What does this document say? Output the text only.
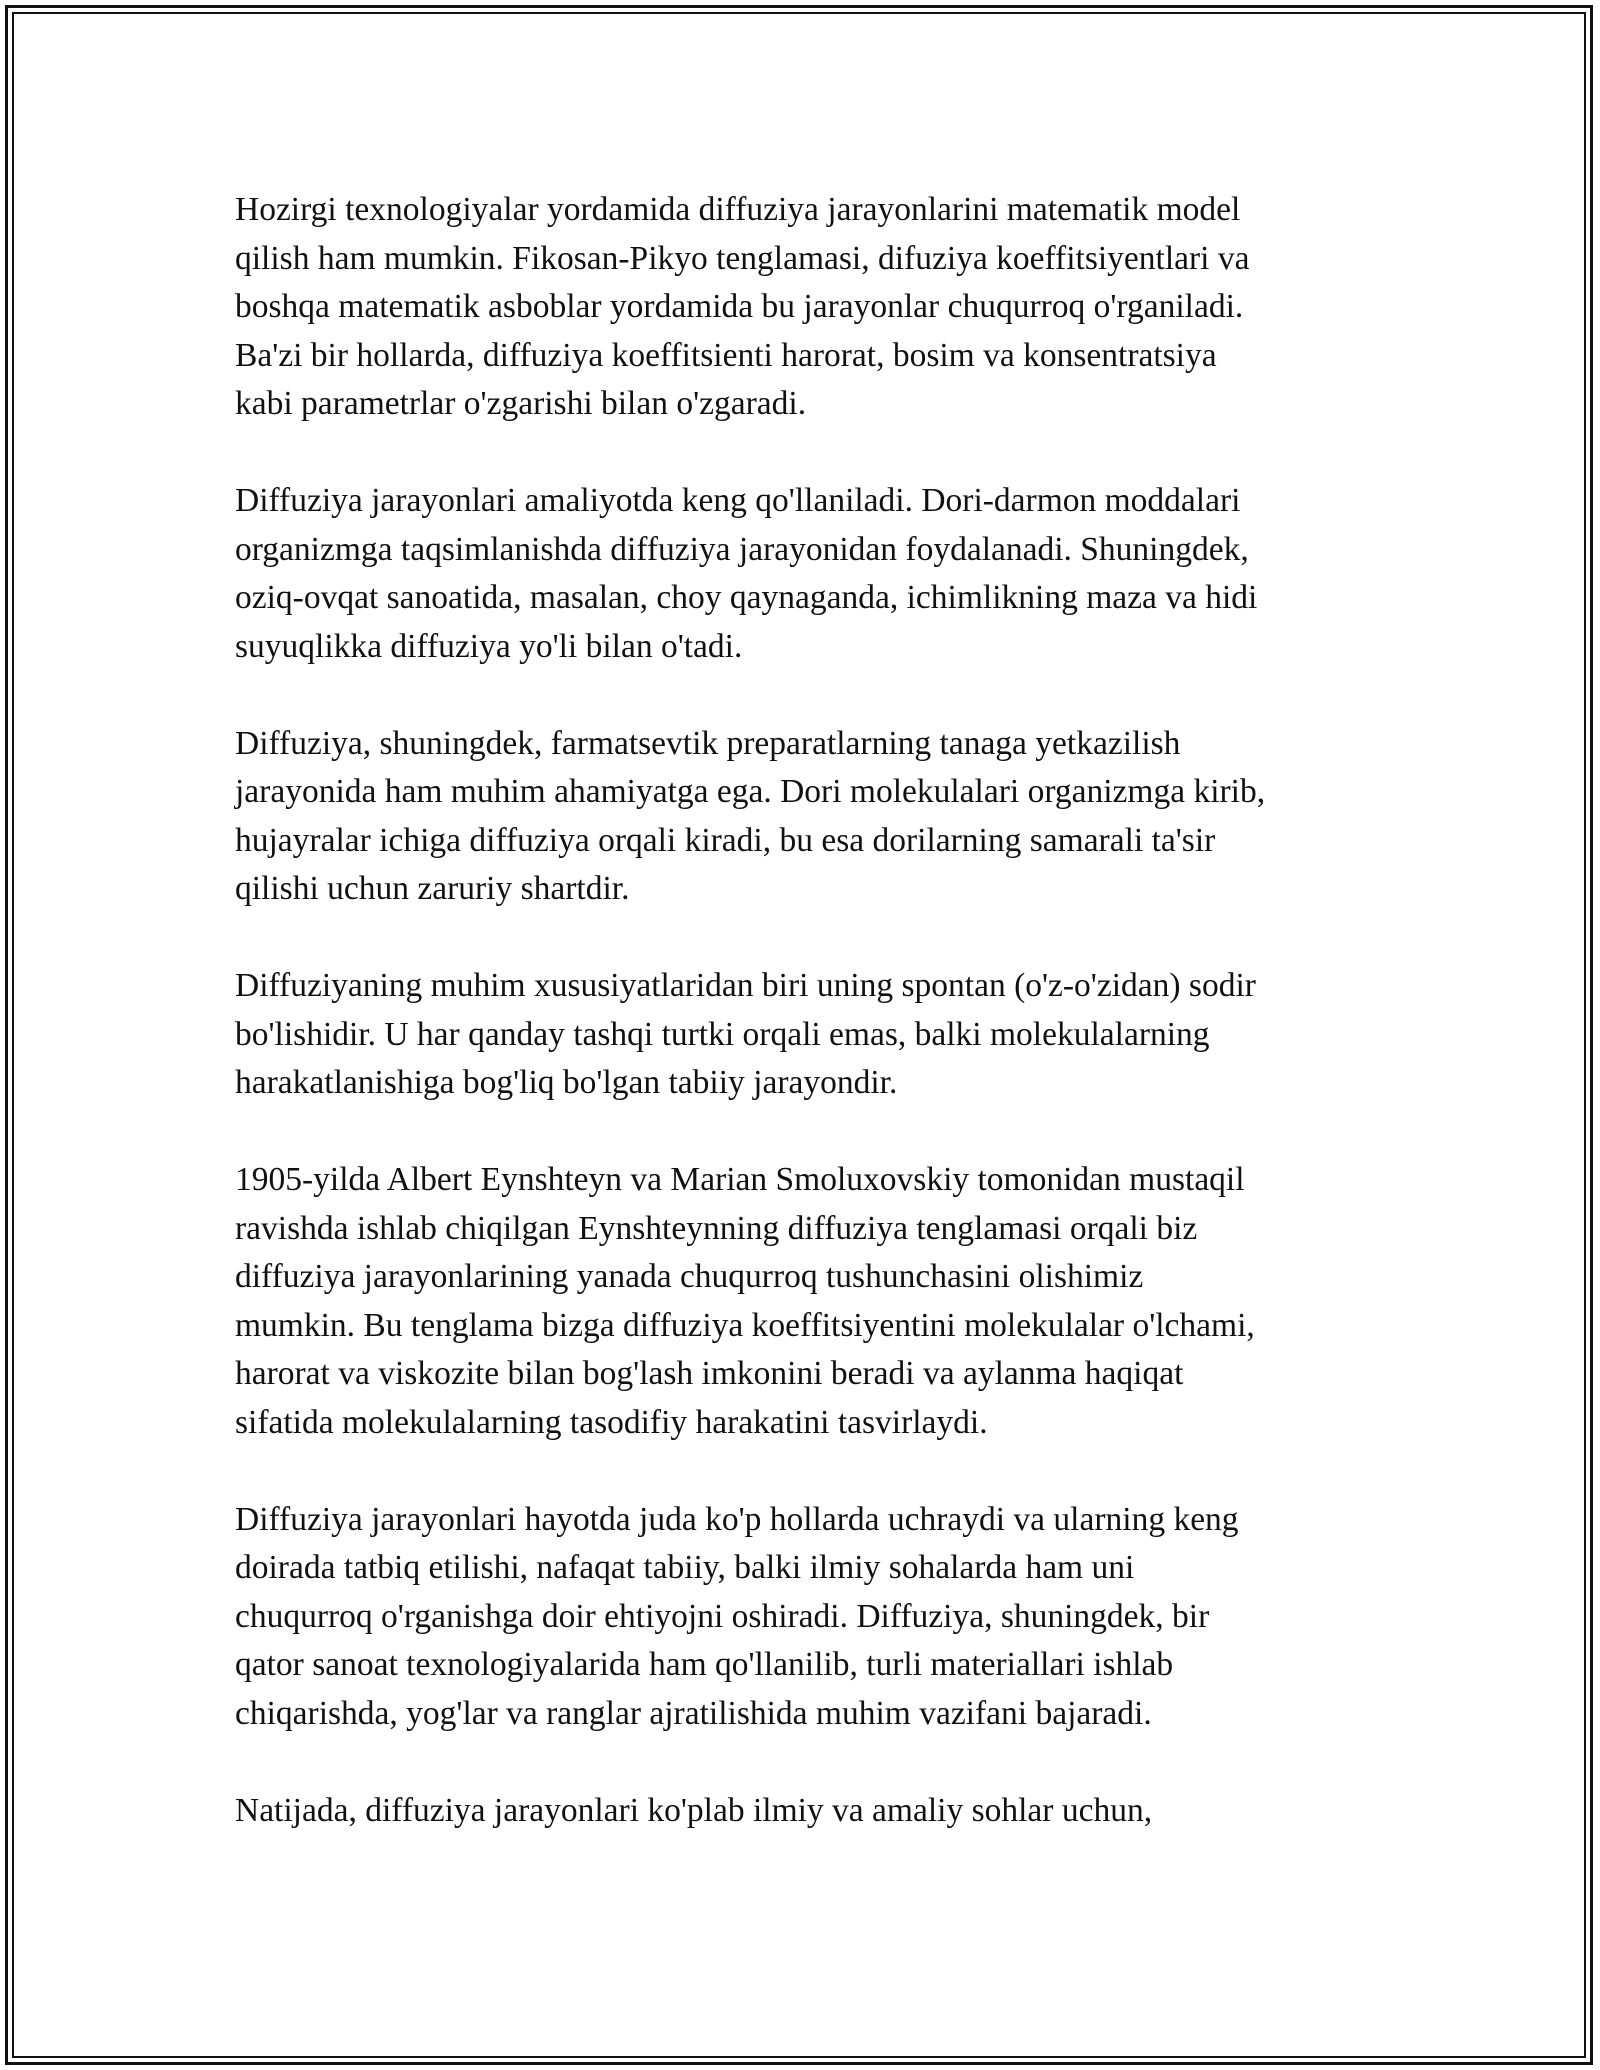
Hozirgi texnologiyalar yordamida diffuziya jarayonlarini matematik model
qilish ham mumkin. Fikosan-Pikyo tenglamasi, difuziya koeffitsiyentlari va
boshqa matematik asboblar yordamida bu jarayonlar chuqurroq o'rganiladi.
Ba'zi bir hollarda, diffuziya koeffitsienti harorat, bosim va konsentratsiya
kabi parametrlar o'zgarishi bilan o'zgaradi.

Diffuziya jarayonlari amaliyotda keng qo'llaniladi. Dori-darmon moddalari
organizmga taqsimlanishda diffuziya jarayonidan foydalanadi. Shuningdek,
oziq-ovqat sanoatida, masalan, choy qaynaganda, ichimlikning maza va hidi
suyuqlikka diffuziya yo'li bilan o'tadi.

Diffuziya, shuningdek, farmatsevtik preparatlarning tanaga yetkazilish
jarayonida ham muhim ahamiyatga ega. Dori molekulalari organizmga kirib,
hujayralar ichiga diffuziya orqali kiradi, bu esa dorilarning samarali ta'sir
qilishi uchun zaruriy shartdir.

Diffuziyaning muhim xususiyatlaridan biri uning spontan (o'z-o'zidan) sodir
bo'lishidir. U har qanday tashqi turtki orqali emas, balki molekulalarning
harakatlanishiga bog'liq bo'lgan tabiiy jarayondir.

1905-yilda Albert Eynshteyn va Marian Smoluxovskiy tomonidan mustaqil
ravishda ishlab chiqilgan Eynshteynning diffuziya tenglamasi orqali biz
diffuziya jarayonlarining yanada chuqurroq tushunchasini olishimiz
mumkin. Bu tenglama bizga diffuziya koeffitsiyentini molekulalar o'lchami,
harorat va viskozite bilan bog'lash imkonini beradi va aylanma haqiqat
sifatida molekulalarning tasodifiy harakatini tasvirlaydi.

Diffuziya jarayonlari hayotda juda ko'p hollarda uchraydi va ularning keng
doirada tatbiq etilishi, nafaqat tabiiy, balki ilmiy sohalarda ham uni
chuqurroq o'rganishga doir ehtiyojni oshiradi. Diffuziya, shuningdek, bir
qator sanoat texnologiyalarida ham qo'llanilib, turli materiallari ishlab
chiqarishda, yog'lar va ranglar ajratilishida muhim vazifani bajaradi.

Natijada, diffuziya jarayonlari ko'plab ilmiy va amaliy sohlar uchun,
